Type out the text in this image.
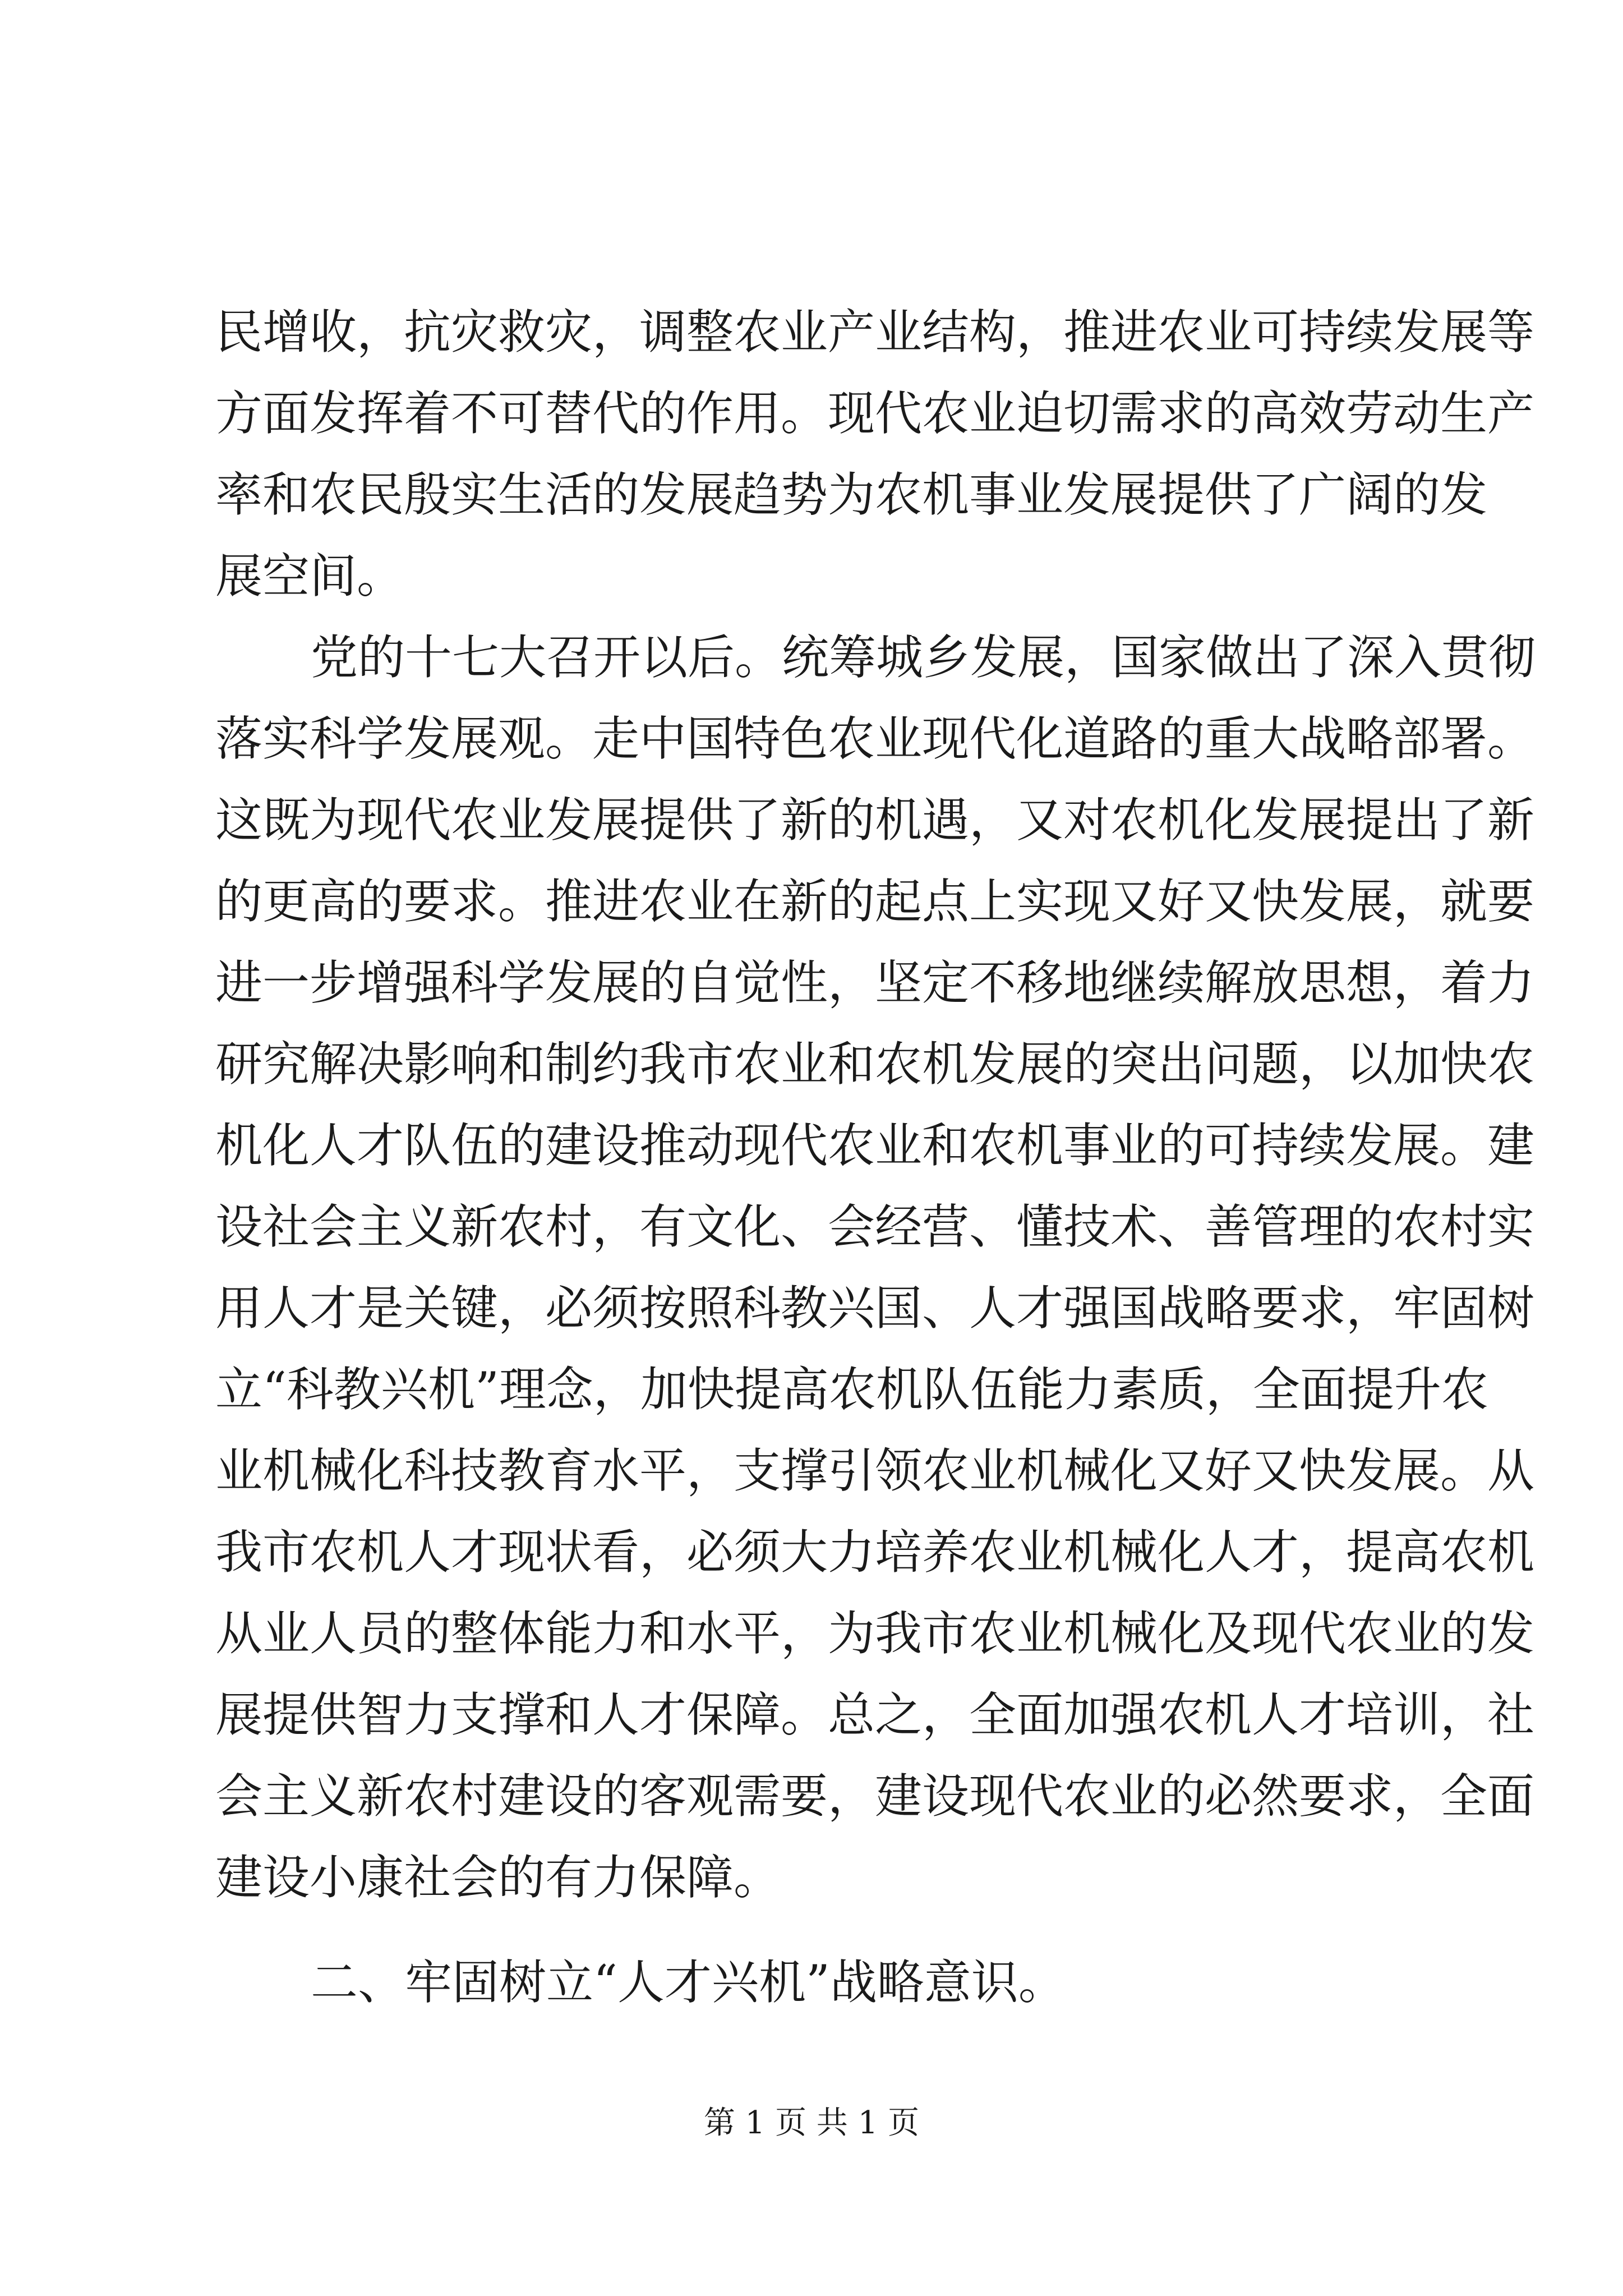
民增收，抗灾救灾，调整农业产业结构，推进农业可持续发展等
方面发挥着不可替代的作用。现代农业迫切需求的高效劳动生产
率和农民殷实生活的发展趋势为农机事业发展提供了广阔的发
展空间。
党的十七大召开以后。统筹城乡发展，国家做出了深入贯彻
落实科学发展观。走中国特色农业现代化道路的重大战略部署。
这既为现代农业发展提供了新的机遇，又对农机化发展提出了新
的更高的要求。推进农业在新的起点上实现又好又快发展，就要
进一步增强科学发展的自觉性，坚定不移地继续解放思想，着力
研究解决影响和制约我市农业和农机发展的突出问题，以加快农
机化人才队伍的建设推动现代农业和农机事业的可持续发展。建
设社会主义新农村，有文化、会经营、懂技术、善管理的农村实
用人才是关键，必须按照科教兴国、人才强国战略要求，牢固树
立“科教兴机”理念，加快提高农机队伍能力素质，全面提升农
业机械化科技教育水平，支撑引领农业机械化又好又快发展。从
我市农机人才现状看，必须大力培养农业机械化人才，提高农机
从业人员的整体能力和水平，为我市农业机械化及现代农业的发
展提供智力支撑和人才保障。总之，全面加强农机人才培训，社
会主义新农村建设的客观需要，建设现代农业的必然要求，全面
建设小康社会的有力保障。
二、牢固树立“人才兴机”战略意识。
第 1 页 共 1 页
